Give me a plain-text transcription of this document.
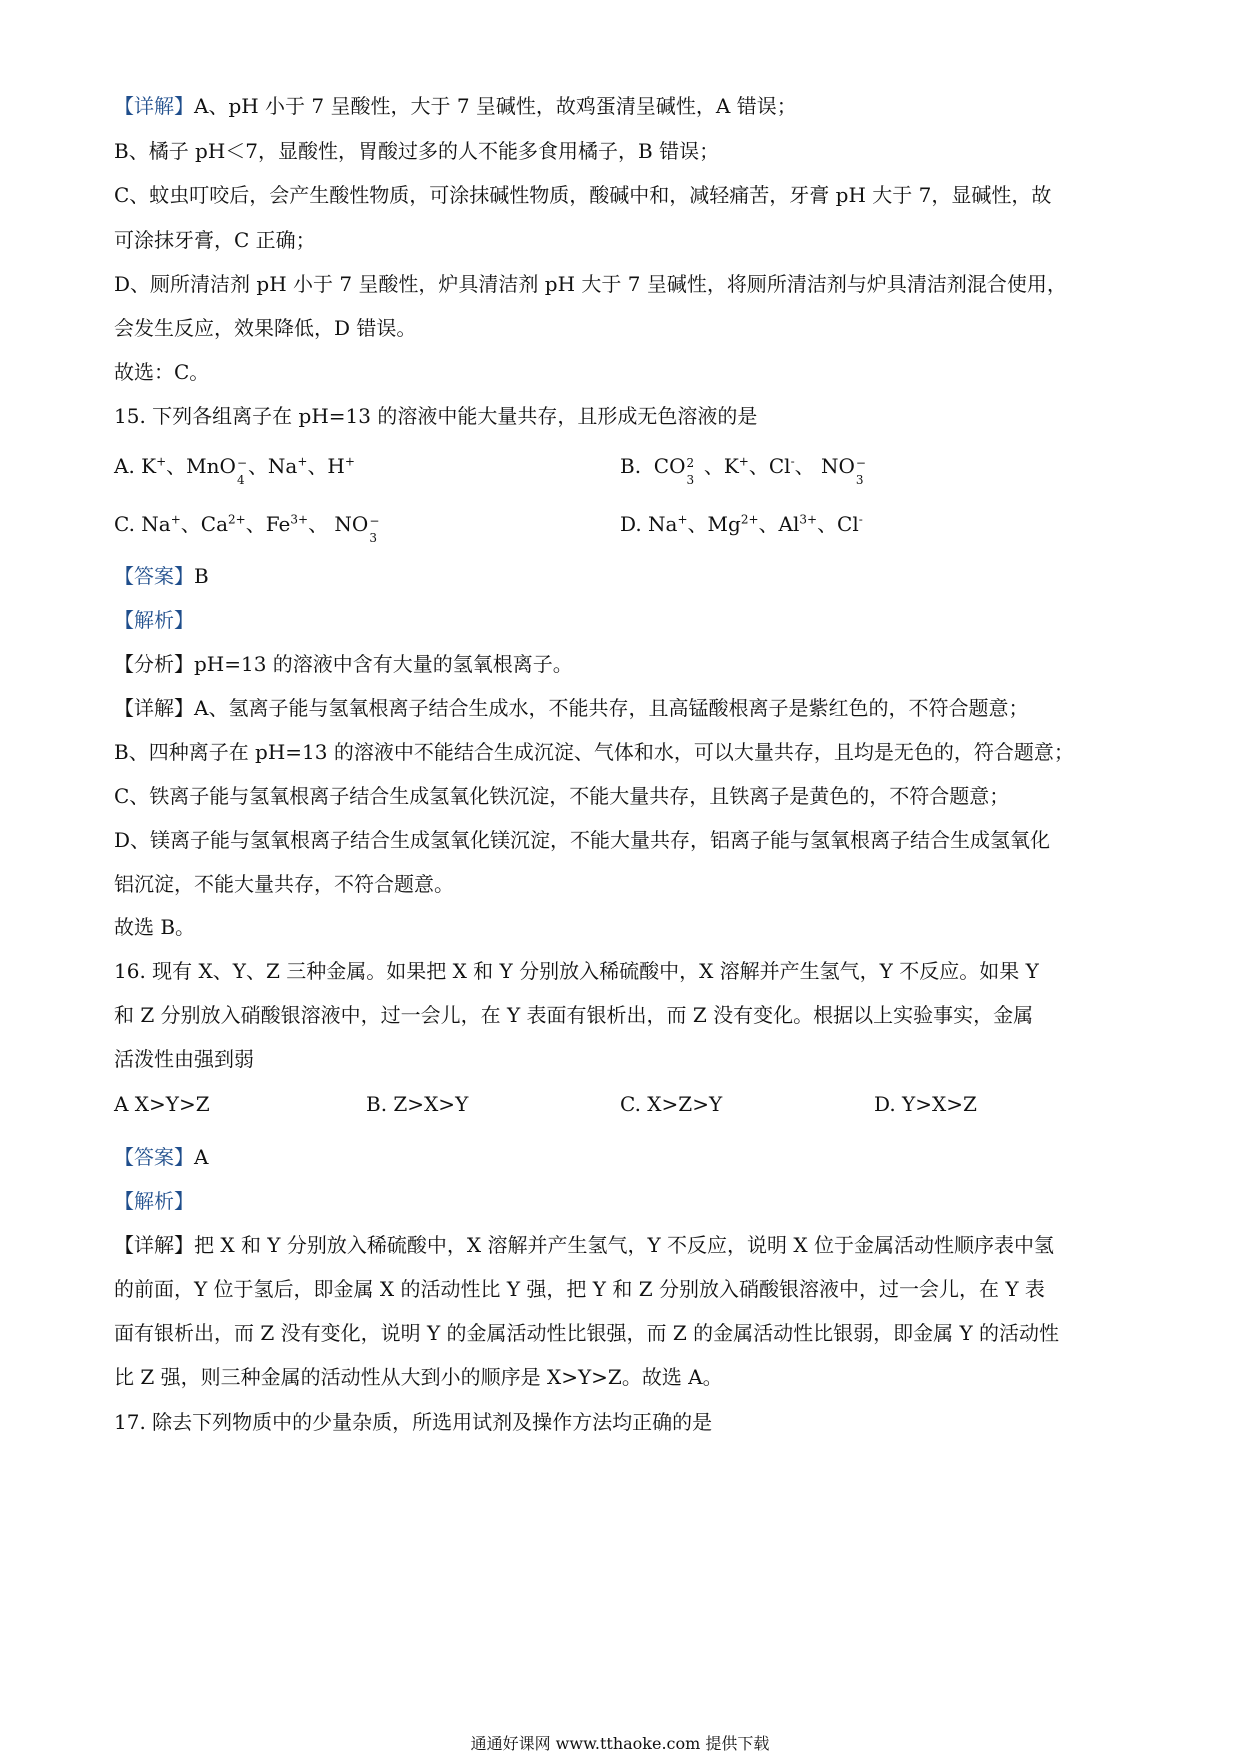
【详解】A、pH 小于 7 呈酸性，大于 7 呈碱性，故鸡蛋清呈碱性，A 错误；
B、橘子 pH＜7，显酸性，胃酸过多的人不能多食用橘子，B 错误；
C、蚊虫叮咬后，会产生酸性物质，可涂抹碱性物质，酸碱中和，减轻痛苦，牙膏 pH 大于 7，显碱性，故
可涂抹牙膏，C 正确；
D、厕所清洁剂 pH 小于 7 呈酸性，炉具清洁剂 pH 大于 7 呈碱性，将厕所清洁剂与炉具清洁剂混合使用，
会发生反应，效果降低，D 错误。
故选：C。
15. 下列各组离子在 pH=13 的溶液中能大量共存，且形成无色溶液的是
A. K+、MnO −
4
、Na+、H+	B. CO 2
3
、K+、Cl-、 NO −
3
C. Na+、$Ca^{2+}$、$Fe^{3+}$、 NO −
3
D. Na+、$Mg^{2+}$、$Al^{3+}$、Cl-
【答案】B
【解析】
【分析】pH=13 的溶液中含有大量的氢氧根离子。
【详解】A、氢离子能与氢氧根离子结合生成水，不能共存，且高锰酸根离子是紫红色的，不符合题意；
B、四种离子在 pH=13 的溶液中不能结合生成沉淀、气体和水，可以大量共存，且均是无色的，符合题意；
C、铁离子能与氢氧根离子结合生成氢氧化铁沉淀，不能大量共存，且铁离子是黄色的，不符合题意；
D、镁离子能与氢氧根离子结合生成氢氧化镁沉淀，不能大量共存，铝离子能与氢氧根离子结合生成氢氧化
铝沉淀，不能大量共存，不符合题意。
故选 B。
16. 现有 X、Y、Z 三种金属。如果把 X 和 Y 分别放入稀硫酸中，X 溶解并产生氢气，Y 不反应。如果 Y
和 Z 分别放入硝酸银溶液中，过一会儿，在 Y 表面有银析出，而 Z 没有变化。根据以上实验事实，金属
活泼性由强到弱
A X>Y>Z	B. Z>X>Y	C. X>Z>Y	D. Y>X>Z
【答案】A
【解析】
【详解】把 X 和 Y 分别放入稀硫酸中，X 溶解并产生氢气，Y 不反应，说明 X 位于金属活动性顺序表中氢
的前面，Y 位于氢后，即金属 X 的活动性比 Y 强，把 Y 和 Z 分别放入硝酸银溶液中，过一会儿，在 Y 表
面有银析出，而 Z 没有变化，说明 Y 的金属活动性比银强，而 Z 的金属活动性比银弱，即金属 Y 的活动性
比 Z 强，则三种金属的活动性从大到小的顺序是 X>Y>Z。故选 A。
17. 除去下列物质中的少量杂质，所选用试剂及操作方法均正确的是
通通好课网 www.tthaoke.com 提供下载
